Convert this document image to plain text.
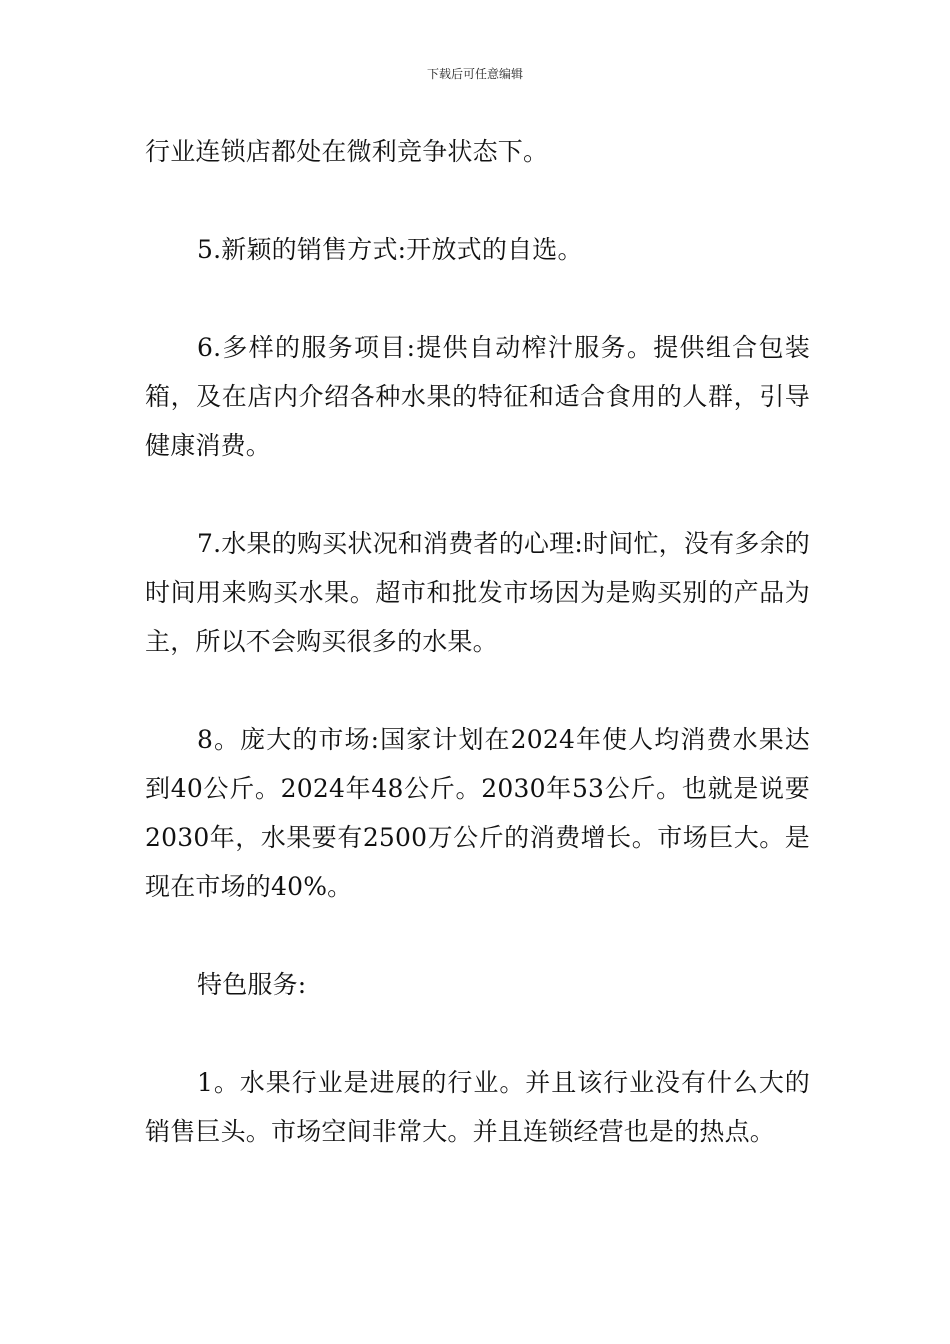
下载后可任意编辑

行业连锁店都处在微利竞争状态下。

5.新颖的销售方式:开放式的自选。

6.多样的服务项目:提供自动榨汁服务。提供组合包装箱，及在店内介绍各种水果的特征和适合食用的人群，引导健康消费。

7.水果的购买状况和消费者的心理:时间忙，没有多余的时间用来购买水果。超市和批发市场因为是购买别的产品为主，所以不会购买很多的水果。

8。庞大的市场:国家计划在2024年使人均消费水果达到40公斤。2024年48公斤。2030年53公斤。也就是说要2030年，水果要有2500万公斤的消费增长。市场巨大。是现在市场的40%。

特色服务:

1。水果行业是进展的行业。并且该行业没有什么大的销售巨头。市场空间非常大。并且连锁经营也是的热点。
